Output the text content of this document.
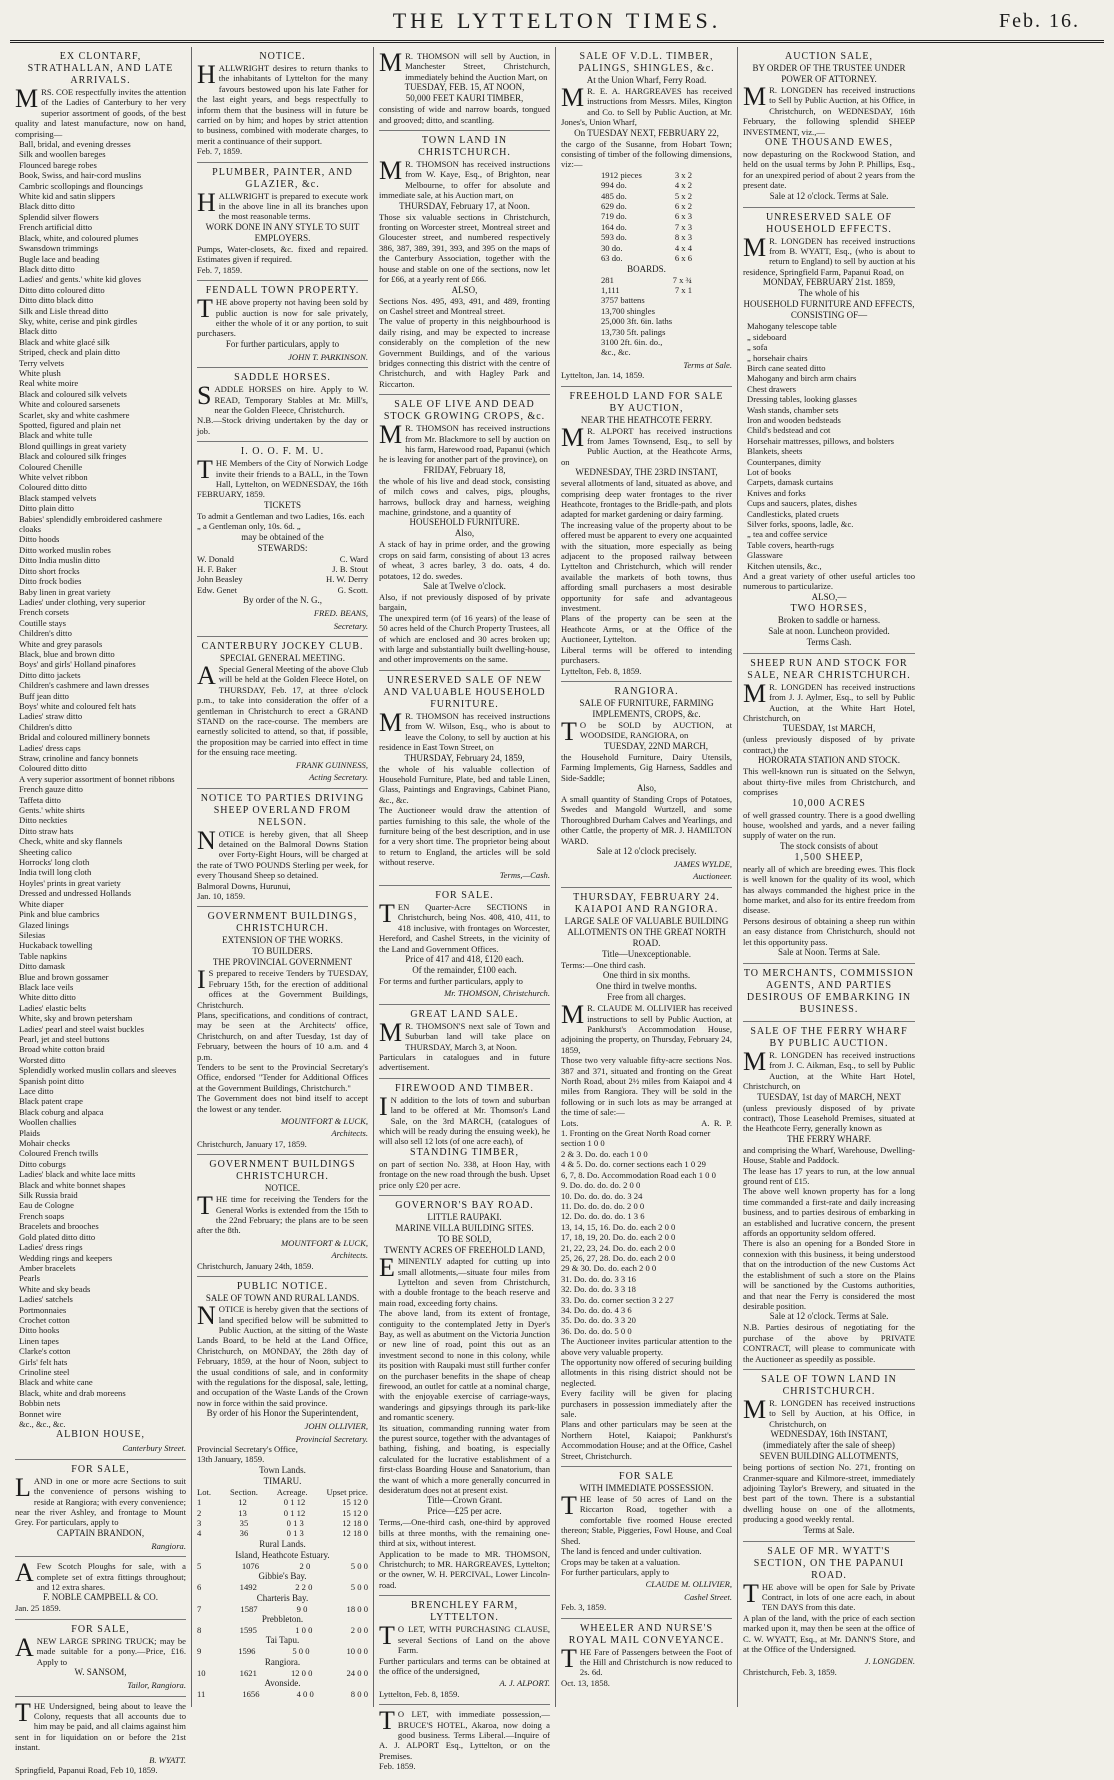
THE LYTTELTON TIMES.	Feb. 16.
EX CLONTARF, STRATHALLAN, AND LATE ARRIVALS.
MRS. COE respectfully invites the attention of the Ladies of Canterbury to her very superior assortment of goods, of the best quality and latest manufacture, now on hand, comprising—
Ball, bridal, and evening dresses
Silk and woollen bareges
Flounced barege robes
Book, Swiss, and hair-cord muslins
Cambric scollopings and flouncings
White kid and satin slippers
Black ditto ditto
Splendid silver flowers
French artificial ditto
Black, white, and coloured plumes
Swansdown trimmings
Bugle lace and beading
Black ditto ditto
Ladies' and gents.' white kid gloves
Ditto ditto coloured ditto
Ditto ditto black ditto
Silk and Lisle thread ditto
Sky, white, cerise and pink girdles
Black ditto
Black and white glacé silk
Striped, check and plain ditto
Terry velvets
White plush
Real white moire
Black and coloured silk velvets
White and coloured sarsenets
Scarlet, sky and white cashmere
Spotted, figured and plain net
Black and white tulle
Blond quillings in great variety
Black and coloured silk fringes
Coloured Chenille
White velvet ribbon
Coloured ditto ditto
Black stamped velvets
Ditto plain ditto
Babies' splendidly embroidered cashmere cloaks
Ditto hoods
Ditto worked muslin robes
Ditto India muslin ditto
Ditto short frocks
Ditto frock bodies
Baby linen in great variety
Ladies' under clothing, very superior
French corsets
Coutille stays
Children's ditto
White and grey parasols
Black, blue and brown ditto
Boys' and girls' Holland pinafores
Ditto ditto jackets
Children's cashmere and lawn dresses
Buff jean ditto
Boys' white and coloured felt hats
Ladies' straw ditto
Children's ditto
Bridal and coloured millinery bonnets
Ladies' dress caps
Straw, crinoline and fancy bonnets
Coloured ditto ditto
A very superior assortment of bonnet ribbons
French gauze ditto
Taffeta ditto
Gents.' white shirts
Ditto neckties
Ditto straw hats
Check, white and sky flannels
Sheeting calico
Horrocks' long cloth
India twill long cloth
Hoyles' prints in great variety
Dressed and undressed Hollands
White diaper
Pink and blue cambrics
Glazed linings
Silesias
Huckaback towelling
Table napkins
Ditto damask
Blue and brown gossamer
Black lace veils
White ditto ditto
Ladies' elastic belts
White, sky and brown petersham
Ladies' pearl and steel waist buckles
Pearl, jet and steel buttons
Broad white cotton braid
Worsted ditto
Splendidly worked muslin collars and sleeves
Spanish point ditto
Lace ditto
Black patent crape
Black coburg and alpaca
Woollen challies
Plaids
Mohair checks
Coloured French twills
Ditto coburgs
Ladies' black and white lace mitts
Black and white bonnet shapes
Silk Russia braid
Eau de Cologne
French soaps
Bracelets and brooches
Gold plated ditto ditto
Ladies' dress rings
Wedding rings and keepers
Amber bracelets
Pearls
White and sky beads
Ladies' satchels
Portmonnaies
Crochet cotton
Ditto hooks
Linen tapes
Clarke's cotton
Girls' felt hats
Crinoline steel
Black and white cane
Black, white and drab moreens
Bobbin nets
Bonnet wire
&c., &c., &c.
ALBION HOUSE,
Canterbury Street.
FOR SALE,
LAND in one or more acre Sections to suit the convenience of persons wishing to reside at Rangiora; with every convenience; near the river Ashley, and frontage to Mount Grey. For particulars, apply to
CAPTAIN BRANDON,
Rangiora.
A Few Scotch Ploughs for sale, with a complete set of extra fittings throughout; and 12 extra shares.
F. NOBLE CAMPBELL & CO.
Jan. 25 1859.
FOR SALE,
ANEW LARGE SPRING TRUCK; may be made suitable for a pony.—Price, £16. Apply to
W. SANSOM,
Tailor, Rangiora.
THE Undersigned, being about to leave the Colony, requests that all accounts due to him may be paid, and all claims against him sent in for liquidation on or before the 21st instant.
B. WYATT.
Springfield, Papanui Road, Feb 10, 1859.
NOTICE.
HALLWRIGHT desires to return thanks to the inhabitants of Lyttelton for the many favours bestowed upon his late Father for the last eight years, and begs respectfully to inform them that the business will in future be carried on by him; and hopes by strict attention to business, combined with moderate charges, to merit a continuance of their support.
Feb. 7, 1859.
PLUMBER, PAINTER, AND GLAZIER, &c.
HALLWRIGHT is prepared to execute work in the above line in all its branches upon the most reasonable terms.
WORK DONE IN ANY STYLE TO SUIT EMPLOYERS.
Pumps, Water-closets, &c. fixed and repaired. Estimates given if required.
Feb. 7, 1859.
FENDALL TOWN PROPERTY.
THE above property not having been sold by public auction is now for sale privately, either the whole of it or any portion, to suit purchasers.
For further particulars, apply to
JOHN T. PARKINSON.
SADDLE HORSES.
SADDLE HORSES on hire. Apply to W. READ, Temporary Stables at Mr. Mill's, near the Golden Fleece, Christchurch.
N.B.—Stock driving undertaken by the day or job.
I. O. O. F. M. U.
THE Members of the City of Norwich Lodge invite their friends to a BALL, in the Town Hall, Lyttelton, on WEDNESDAY, the 16th FEBRUARY, 1859.
TICKETS
To admit a Gentleman and two Ladies, 16s. each
„ a Gentleman only, 10s. 6d. „
may be obtained of the
STEWARDS:
W. Donald	C. Ward
H. F. Baker	J. B. Stout
John Beasley	H. W. Derry
Edw. Genet	G. Scott.
By order of the N. G.,
FRED. BEANS,
Secretary.
CANTERBURY JOCKEY CLUB.
SPECIAL GENERAL MEETING.
A Special General Meeting of the above Club will be held at the Golden Fleece Hotel, on THURSDAY, Feb. 17, at three o'clock p.m., to take into consideration the offer of a gentleman in Christchurch to erect a GRAND STAND on the race-course. The members are earnestly solicited to attend, so that, if possible, the proposition may be carried into effect in time for the ensuing race meeting.
FRANK GUINNESS,
Acting Secretary.
NOTICE TO PARTIES DRIVING SHEEP OVERLAND FROM NELSON.
NOTICE is hereby given, that all Sheep detained on the Balmoral Downs Station over Forty-Eight Hours, will be charged at the rate of TWO POUNDS Sterling per week, for every Thousand Sheep so detained.
Balmoral Downs, Hurunui,
Jan. 10, 1859.
GOVERNMENT BUILDINGS, CHRISTCHURCH.
EXTENSION OF THE WORKS.
TO BUILDERS.
THE PROVINCIAL GOVERNMENT
I S prepared to receive Tenders by TUESDAY, February 15th, for the erection of additional offices at the Government Buildings, Christchurch.
Plans, specifications, and conditions of contract, may be seen at the Architects' office, Christchurch, on and after Tuesday, 1st day of February, between the hours of 10 a.m. and 4 p.m.
Tenders to be sent to the Provincial Secretary's Office, endorsed "Tender for Additional Offices at the Government Buildings, Christchurch."
The Government does not bind itself to accept the lowest or any tender.
MOUNTFORT & LUCK,
Architects.
Christchurch, January 17, 1859.
GOVERNMENT BUILDINGS CHRISTCHURCH.
NOTICE.
THE time for receiving the Tenders for the General Works is extended from the 15th to the 22nd February; the plans are to be seen after the 8th.
MOUNTFORT & LUCK,
Architects.
Christchurch, January 24th, 1859.
PUBLIC NOTICE.
SALE OF TOWN AND RURAL LANDS.
NOTICE is hereby given that the sections of land specified below will be submitted to Public Auction, at the sitting of the Waste Lands Board, to be held at the Land Office, Christchurch, on MONDAY, the 28th day of February, 1859, at the hour of Noon, subject to the usual conditions of sale, and in conformity with the regulations for the disposal, sale, letting, and occupation of the Waste Lands of the Crown now in force within the said province.
By order of his Honor the Superintendent,
JOHN OLLIVIER,
Provincial Secretary.
Provincial Secretary's Office,
13th January, 1859.
Town Lands.
TIMARU.
Lot. Section. Acreage. Upset price.
1	12	0 1 12	15 12 0
2	13	0 1 12	15 12 0
3	35	0 1 3	12 18 0
4	36	0 1 3	12 18 0
Rural Lands.
Island, Heathcote Estuary.
5	1076	2 0	5 0 0
Gibbie's Bay.
6	1492	2 2 0	5 0 0
Charteris Bay.
7	1587	9 0	18 0 0
Prebbleton.
8	1595	1 0 0	2 0 0
Tai Tapu.
9	1596	5 0 0	10 0 0
Rangiora.
10	1621	12 0 0	24 0 0
Avonside.
11	1656	4 0 0	8 0 0
M R. THOMSON will sell by Auction, in Manchester Street, Christchurch, immediately behind the Auction Mart, on
TUESDAY, FEB. 15, AT NOON,
50,000 FEET KAURI TIMBER,
consisting of wide and narrow boards, tongued and grooved; ditto, and scantling.
TOWN LAND IN CHRISTCHURCH.
M R. THOMSON has received instructions from W. Kaye, Esq., of Brighton, near Melbourne, to offer for absolute and immediate sale, at his Auction mart, on
THURSDAY, February 17, at Noon.
Those six valuable sections in Christchurch, fronting on Worcester street, Montreal street and Gloucester street, and numbered respectively 386, 387, 389, 391, 393, and 395 on the maps of the Canterbury Association, together with the house and stable on one of the sections, now let for £66, at a yearly rent of £66.
ALSO,
Sections Nos. 495, 493, 491, and 489, fronting on Cashel street and Montreal street.
The value of property in this neighbourhood is daily rising, and may be expected to increase considerably on the completion of the new Government Buildings, and of the various bridges connecting this district with the centre of Christchurch, and with Hagley Park and Riccarton.
SALE OF LIVE AND DEAD STOCK GROWING CROPS, &c.
M R. THOMSON has received instructions from Mr. Blackmore to sell by auction on his farm, Harewood road, Papanui (which he is leaving for another part of the province), on
FRIDAY, February 18,
the whole of his live and dead stock, consisting of milch cows and calves, pigs, ploughs, harrows, bullock dray and harness, weighing machine, grindstone, and a quantity of
HOUSEHOLD FURNITURE.
Also,
A stack of hay in prime order, and the growing crops on said farm, consisting of about 13 acres of wheat, 3 acres barley, 3 do. oats, 4 do. potatoes, 12 do. swedes.
Sale at Twelve o'clock.
Also, if not previously disposed of by private bargain,
The unexpired term (of 16 years) of the lease of 50 acres held of the Church Property Trustees, all of which are enclosed and 30 acres broken up; with large and substantially built dwelling-house, and other improvements on the same.
UNRESERVED SALE OF NEW AND VALUABLE HOUSEHOLD FURNITURE.
M R. THOMSON has received instructions from W. Wilson, Esq., who is about to leave the Colony, to sell by auction at his residence in East Town Street, on
THURSDAY, February 24, 1859,
the whole of his valuable collection of Household Furniture, Plate, bed and table Linen, Glass, Paintings and Engravings, Cabinet Piano, &c., &c.
The Auctioneer would draw the attention of parties furnishing to this sale, the whole of the furniture being of the best description, and in use for a very short time. The proprietor being about to return to England, the articles will be sold without reserve.
Terms,—Cash.
FOR SALE.
TEN Quarter-Acre SECTIONS in Christchurch, being Nos. 408, 410, 411, to 418 inclusive, with frontages on Worcester, Hereford, and Cashel Streets, in the vicinity of the Land and Government Offices.
Price of 417 and 418, £120 each.
Of the remainder, £100 each.
For terms and further particulars, apply to
Mr. THOMSON, Christchurch.
GREAT LAND SALE.
M R. THOMSON'S next sale of Town and Suburban land will take place on THURSDAY, March 3, at Noon.
Particulars in catalogues and in future advertisement.
FIREWOOD AND TIMBER.
I N addition to the lots of town and suburban land to be offered at Mr. Thomson's Land Sale, on the 3rd MARCH, (catalogues of which will be ready during the ensuing week), he will also sell 12 lots (of one acre each), of
STANDING TIMBER,
on part of section No. 338, at Hoon Hay, with frontage on the new road through the bush. Upset price only £20 per acre.
GOVERNOR'S BAY ROAD.
LITTLE RAUPAKI.
MARINE VILLA BUILDING SITES.
TO BE SOLD,
TWENTY ACRES OF FREEHOLD LAND,
EMINENTLY adapted for cutting up into small allotments,—situate four miles from Lyttelton and seven from Christchurch, with a double frontage to the beach reserve and main road, exceeding forty chains.
The above land, from its extent of frontage, contiguity to the contemplated Jetty in Dyer's Bay, as well as abutment on the Victoria Junction or new line of road, point this out as an investment second to none in this colony, while its position with Raupaki must still further confer on the purchaser benefits in the shape of cheap firewood, an outlet for cattle at a nominal charge, with the enjoyable exercise of carriage-ways, wanderings and gipsyings through its park-like and romantic scenery.
Its situation, commanding running water from the purest source, together with the advantages of bathing, fishing, and boating, is especially calculated for the lucrative establishment of a first-class Boarding House and Sanatorium, than the want of which a more generally concurred in desideratum does not at present exist.
Title—Crown Grant.
Price—£25 per acre.
Terms,—One-third cash, one-third by approved bills at three months, with the remaining one-third at six, without interest.
Application to be made to MR. THOMSON, Christchurch; to MR. HARGREAVES, Lyttelton; or the owner, W. H. PERCIVAL, Lower Lincoln-road.
BRENCHLEY FARM, LYTTELTON.
T O LET, WITH PURCHASING CLAUSE, several Sections of Land on the above Farm.
Further particulars and terms can be obtained at the office of the undersigned,
A. J. ALPORT.
Lyttelton, Feb. 8, 1859.
T O LET, with immediate possession,—BRUCE'S HOTEL, Akaroa, now doing a good business. Terms Liberal.—Inquire of A. J. ALPORT Esq., Lyttelton, or on the Premises.
Feb. 1859.
SALE OF V.D.L. TIMBER, PALINGS, SHINGLES, &c.
At the Union Wharf, Ferry Road.
M R. E. A. HARGREAVES has received instructions from Messrs. Miles, Kington and Co. to Sell by Public Auction, at Mr. Jones's, Union Wharf,
On TUESDAY NEXT, FEBRUARY 22,
the cargo of the Susanne, from Hobart Town; consisting of timber of the following dimensions, viz:—
1912 pieces	3 x 2
994 do.	4 x 2
485 do.	5 x 2
629 do.	6 x 2
719 do.	6 x 3
164 do.	7 x 3
593 do.	8 x 3
30 do.	4 x 4
63 do.	6 x 6
BOARDS.
281	7 x ¾
1,111	7 x 1
3757 battens
13,700 shingles
25,000 3ft. 6in. laths
13,730 5ft. palings
3100 2ft. 6in. do.,
&c., &c.
Terms at Sale.
Lyttelton, Jan. 14, 1859.
FREEHOLD LAND FOR SALE BY AUCTION,
NEAR THE HEATHCOTE FERRY.
M R. ALPORT has received instructions from James Townsend, Esq., to sell by Public Auction, at the Heathcote Arms, on
WEDNESDAY, THE 23RD INSTANT,
several allotments of land, situated as above, and comprising deep water frontages to the river Heathcote, frontages to the Bridle-path, and plots adapted for market gardening or dairy farming.
The increasing value of the property about to be offered must be apparent to every one acquainted with the situation, more especially as being adjacent to the proposed railway between Lyttelton and Christchurch, which will render available the markets of both towns, thus affording small purchasers a most desirable opportunity for safe and advantageous investment.
Plans of the property can be seen at the Heathcote Arms, or at the Office of the Auctioneer, Lyttelton.
Liberal terms will be offered to intending purchasers.
Lyttelton, Feb. 8, 1859.
RANGIORA.
SALE OF FURNITURE, FARMING IMPLEMENTS, CROPS, &c.
T O be SOLD by AUCTION, at WOODSIDE, RANGIORA, on
TUESDAY, 22ND MARCH,
the Household Furniture, Dairy Utensils, Farming Implements, Gig Harness, Saddles and Side-Saddle;
Also,
A small quantity of Standing Crops of Potatoes, Swedes and Mangold Wurtzell, and some Thoroughbred Durham Calves and Yearlings, and other Cattle, the property of MR. J. HAMILTON WARD.
Sale at 12 o'clock precisely.
JAMES WYLDE,
Auctioneer.
THURSDAY, FEBRUARY 24.
KAIAPOI AND RANGIORA.
LARGE SALE OF VALUABLE BUILDING ALLOTMENTS ON THE GREAT NORTH ROAD.
Title—Unexceptionable.
Terms:—One third cash.
One third in six months.
One third in twelve months.
Free from all charges.
M R. CLAUDE M. OLLIVIER has received instructions to sell by Public Auction, at Pankhurst's Accommodation House, adjoining the property, on Thursday, February 24, 1859,
Those two very valuable fifty-acre sections Nos. 387 and 371, situated and fronting on the Great North Road, about 2½ miles from Kaiapoi and 4 miles from Rangiora. They will be sold in the following or in such lots as may be arranged at the time of sale:—
Lots.	A. R. P.
1. Fronting on the Great North Road corner section 1 0 0
2 & 3. Do. do. each 1 0 0
4 & 5. Do. do. corner sections each 1 0 29
6, 7, 8. Do. Accommodation Road each 1 0 0
9. Do. do. do. do. 2 0 0
10. Do. do. do. do. 3 24
11. Do. do. do. do. 2 0 0
12. Do. do. do. do. 1 3 6
13, 14, 15, 16. Do. do. each 2 0 0
17, 18, 19, 20. Do. do. each 2 0 0
21, 22, 23, 24. Do. do. each 2 0 0
25, 26, 27, 28. Do. do. each 2 0 0
29 & 30. Do. do. each 2 0 0
31. Do. do. do. 3 3 16
32. Do. do. do. 3 3 18
33. Do. do. corner section 3 2 27
34. Do. do. do. 4 3 6
35. Do. do. do. 3 3 20
36. Do. do. do. 5 0 0
The Auctioneer invites particular attention to the above very valuable property.
The opportunity now offered of securing building allotments in this rising district should not be neglected.
Every facility will be given for placing purchasers in possession immediately after the sale.
Plans and other particulars may be seen at the Northern Hotel, Kaiapoi; Pankhurst's Accommodation House; and at the Office, Cashel Street, Christchurch.
FOR SALE
WITH IMMEDIATE POSSESSION.
THE lease of 50 acres of Land on the Riccarton Road, together with a comfortable five roomed House erected thereon; Stable, Piggeries, Fowl House, and Coal Shed.
The land is fenced and under cultivation.
Crops may be taken at a valuation.
For further particulars, apply to
CLAUDE M. OLLIVIER,
Cashel Street.
Feb. 3, 1859.
WHEELER AND NURSE'S
ROYAL MAIL CONVEYANCE.
THE Fare of Passengers between the Foot of the Hill and Christchurch is now reduced to 2s. 6d.
Oct. 13, 1858.
AUCTION SALE,
BY ORDER OF THE TRUSTEE UNDER POWER OF ATTORNEY.
M R. LONGDEN has received instructions to Sell by Public Auction, at his Office, in Christchurch, on WEDNESDAY, 16th February, the following splendid SHEEP INVESTMENT, viz.,—
ONE THOUSAND EWES,
now depasturing on the Rockwood Station, and held on the usual terms by John P. Phillips, Esq., for an unexpired period of about 2 years from the present date.
Sale at 12 o'clock. Terms at Sale.
UNRESERVED SALE OF HOUSEHOLD EFFECTS.
M R. LONGDEN has received instructions from B. WYATT, Esq., (who is about to return to England) to sell by auction at his residence, Springfield Farm, Papanui Road, on
MONDAY, FEBRUARY 21st. 1859,
The whole of his
HOUSEHOLD FURNITURE AND EFFECTS,
CONSISTING OF—
Mahogany telescope table
„ sideboard
„ sofa
„ horsehair chairs
Birch cane seated ditto
Mahogany and birch arm chairs
Chest drawers
Dressing tables, looking glasses
Wash stands, chamber sets
Iron and wooden bedsteads
Child's bedstead and cot
Horsehair mattresses, pillows, and bolsters
Blankets, sheets
Counterpanes, dimity
Lot of books
Carpets, damask curtains
Knives and forks
Cups and saucers, plates, dishes
Candlesticks, plated cruets
Silver forks, spoons, ladle, &c.
„ tea and coffee service
Table covers, hearth-rugs
Glassware
Kitchen utensils, &c.,
And a great variety of other useful articles too numerous to particularize.
ALSO,—
TWO HORSES,
Broken to saddle or harness.
Sale at noon. Luncheon provided.
Terms Cash.
SHEEP RUN AND STOCK FOR SALE, NEAR CHRISTCHURCH.
M R. LONGDEN has received instructions from J. J. Aylmer, Esq., to sell by Public Auction, at the White Hart Hotel, Christchurch, on
TUESDAY, 1st MARCH,
(unless previously disposed of by private contract,) the
HORORATA STATION AND STOCK.
This well-known run is situated on the Selwyn, about thirty-five miles from Christchurch, and comprises
10,000 ACRES
of well grassed country. There is a good dwelling house, woolshed and yards, and a never failing supply of water on the run.
The stock consists of about
1,500 SHEEP,
nearly all of which are breeding ewes. This flock is well known for the quality of its wool, which has always commanded the highest price in the home market, and also for its entire freedom from disease.
Persons desirous of obtaining a sheep run within an easy distance from Christchurch, should not let this opportunity pass.
Sale at Noon. Terms at Sale.
TO MERCHANTS, COMMISSION AGENTS, AND PARTIES DESIROUS OF EMBARKING IN BUSINESS.
SALE OF THE FERRY WHARF BY PUBLIC AUCTION.
M R. LONGDEN has received instructions from J. C. Aikman, Esq., to sell by Public Auction, at the White Hart Hotel, Christchurch, on
TUESDAY, 1st day of MARCH, NEXT
(unless previously disposed of by private contract), Those Leasehold Premises, situated at the Heathcote Ferry, generally known as
THE FERRY WHARF.
and comprising the Wharf, Warehouse, Dwelling-House, Stable and Paddock.
The lease has 17 years to run, at the low annual ground rent of £15.
The above well known property has for a long time commanded a first-rate and daily increasing business, and to parties desirous of embarking in an established and lucrative concern, the present affords an opportunity seldom offered.
There is also an opening for a Bonded Store in connexion with this business, it being understood that on the introduction of the new Customs Act the establishment of such a store on the Plains will be sanctioned by the Customs authorities, and that near the Ferry is considered the most desirable position.
Sale at 12 o'clock. Terms at Sale.
N.B. Parties desirous of negotiating for the purchase of the above by PRIVATE CONTRACT, will please to communicate with the Auctioneer as speedily as possible.
SALE OF TOWN LAND IN CHRISTCHURCH.
M R. LONGDEN has received instructions to Sell by Auction, at his Office, in Christchurch, on
WEDNESDAY, 16th INSTANT,
(immediately after the sale of sheep)
SEVEN BUILDING ALLOTMENTS,
being portions of section No. 271, fronting on Cranmer-square and Kilmore-street, immediately adjoining Taylor's Brewery, and situated in the best part of the town. There is a substantial dwelling house on one of the allotments, producing a good weekly rental.
Terms at Sale.
SALE OF MR. WYATT'S SECTION, ON THE PAPANUI ROAD.
THE above will be open for Sale by Private Contract, in lots of one acre each, in about TEN DAYS from this date.
A plan of the land, with the price of each section marked upon it, may then be seen at the office of C. W. WYATT, Esq., at Mr. DANN'S Store, and at the Office of the Undersigned.
J. LONGDEN.
Christchurch, Feb. 3, 1859.
